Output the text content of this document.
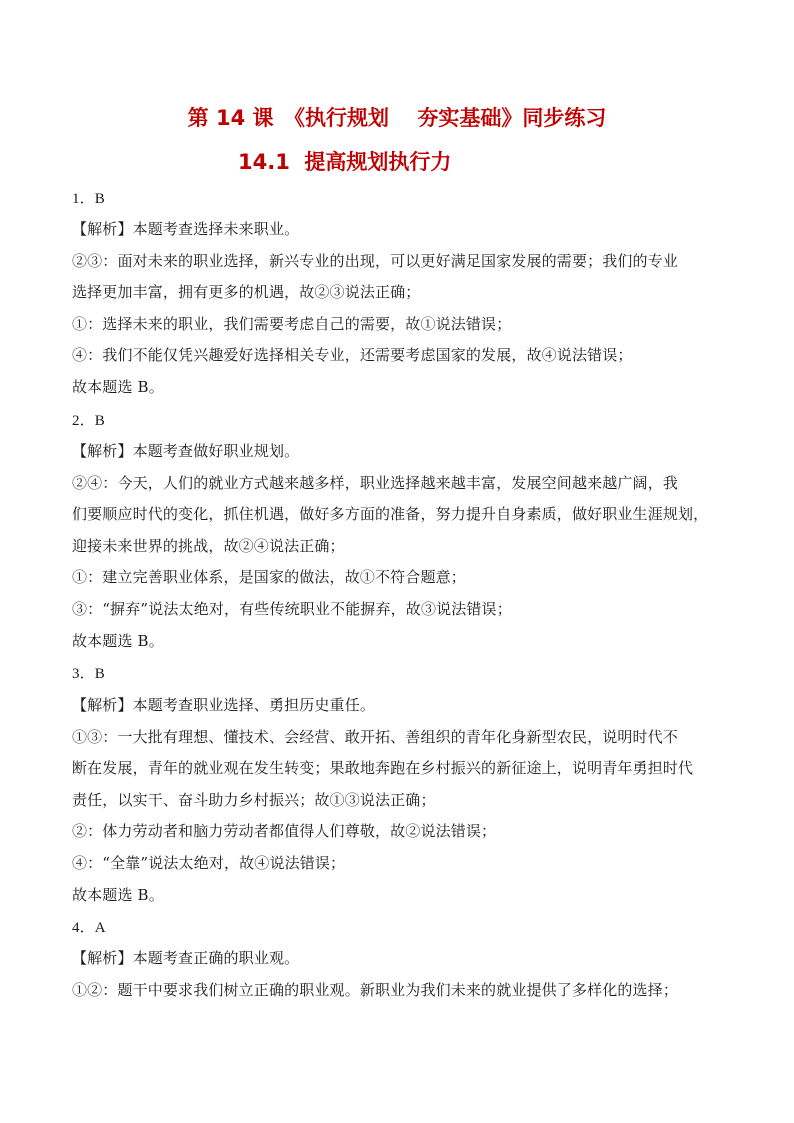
第 14 课　《执行规划　 夯实基础》同步练习
14.1  提高规划执行力
1．B
【解析】本题考查选择未来职业。
②③：面对未来的职业选择，新兴专业的出现，可以更好满足国家发展的需要；我们的专业
选择更加丰富，拥有更多的机遇，故②③说法正确；
①：选择未来的职业，我们需要考虑自己的需要，故①说法错误；
④：我们不能仅凭兴趣爱好选择相关专业，还需要考虑国家的发展，故④说法错误；
故本题选 B。
2．B
【解析】本题考查做好职业规划。
②④：今天，人们的就业方式越来越多样，职业选择越来越丰富，发展空间越来越广阔，我
们要顺应时代的变化，抓住机遇，做好多方面的准备，努力提升自身素质，做好职业生涯规划，
迎接未来世界的挑战，故②④说法正确；
①：建立完善职业体系，是国家的做法，故①不符合题意；
③：“摒弃”说法太绝对，有些传统职业不能摒弃，故③说法错误；
故本题选 B。
3．B
【解析】本题考查职业选择、勇担历史重任。
①③：一大批有理想、懂技术、会经营、敢开拓、善组织的青年化身新型农民，说明时代不
断在发展，青年的就业观在发生转变；果敢地奔跑在乡村振兴的新征途上，说明青年勇担时代
责任，以实干、奋斗助力乡村振兴；故①③说法正确；
②：体力劳动者和脑力劳动者都值得人们尊敬，故②说法错误；
④：“全靠”说法太绝对，故④说法错误；
故本题选 B。
4．A
【解析】本题考查正确的职业观。
①②：题干中要求我们树立正确的职业观。新职业为我们未来的就业提供了多样化的选择；
